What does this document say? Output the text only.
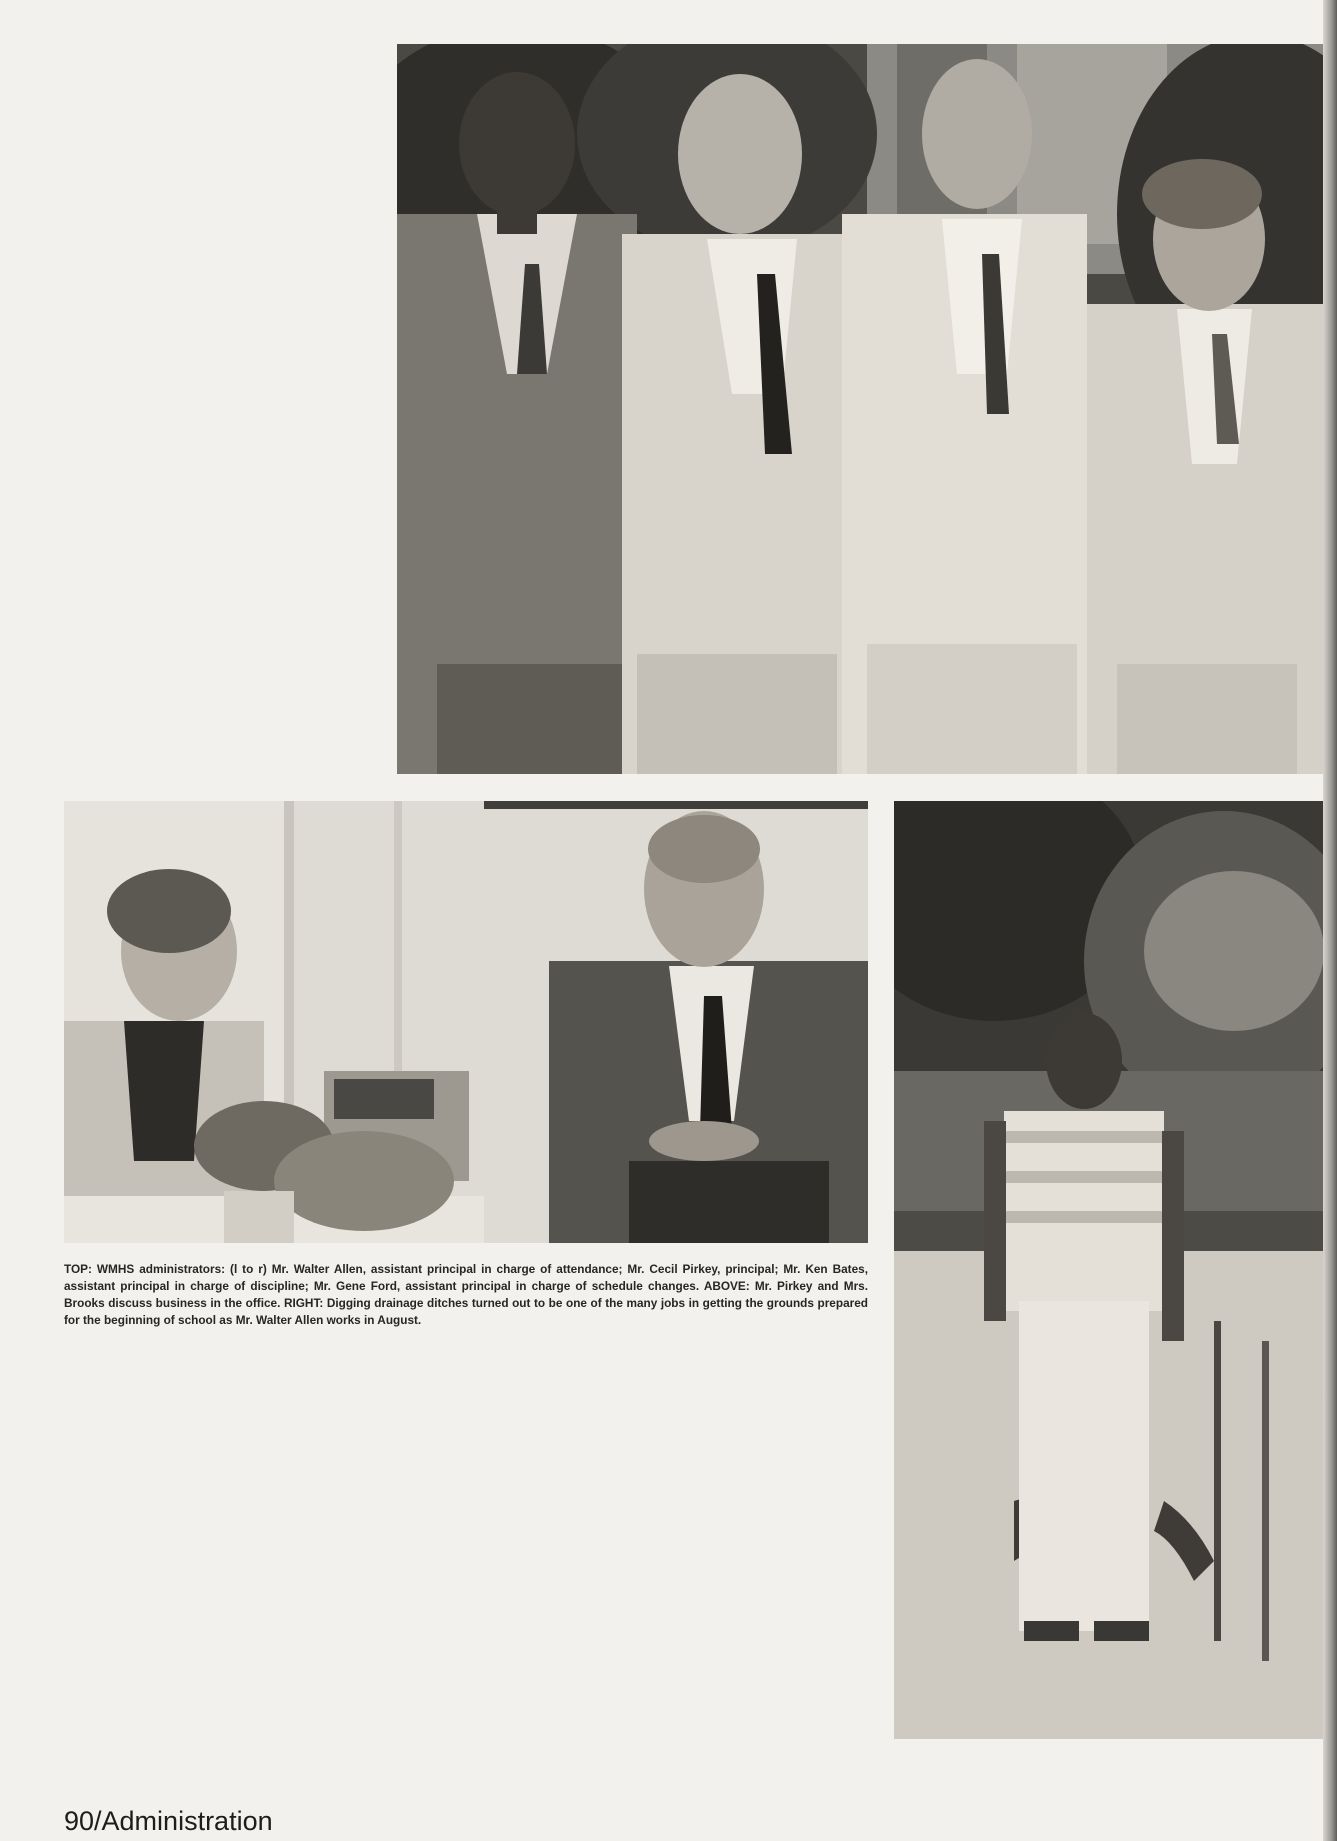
TOP: WMHS administrators: (l to r) Mr. Walter Allen, assistant principal in charge of attendance; Mr. Cecil Pirkey, principal; Mr. Ken Bates, assistant principal in charge of discipline; Mr. Gene Ford, assistant principal in charge of schedule changes. ABOVE: Mr. Pirkey and Mrs. Brooks discuss business in the office. RIGHT: Digging drainage ditches turned out to be one of the many jobs in getting the grounds prepared for the beginning of school as Mr. Walter Allen works in August.

90/Administration
